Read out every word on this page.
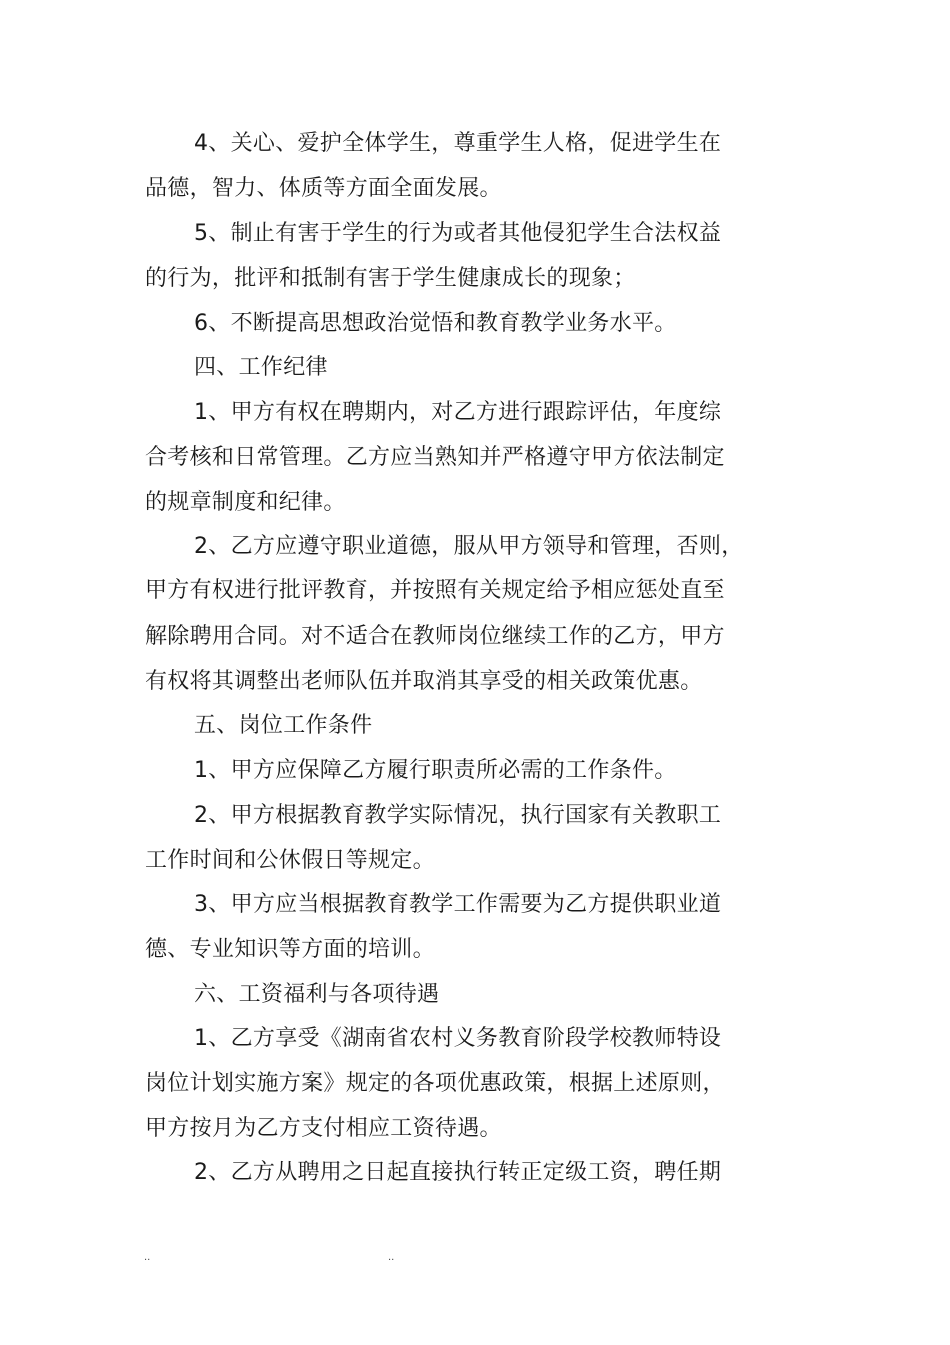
4、关心、爱护全体学生，尊重学生人格，促进学生在
品德，智力、体质等方面全面发展。
5、制止有害于学生的行为或者其他侵犯学生合法权益
的行为，批评和抵制有害于学生健康成长的现象；
6、不断提高思想政治觉悟和教育教学业务水平。
四、工作纪律
1、甲方有权在聘期内，对乙方进行跟踪评估，年度综
合考核和日常管理。乙方应当熟知并严格遵守甲方依法制定
的规章制度和纪律。
2、乙方应遵守职业道德，服从甲方领导和管理，否则，
甲方有权进行批评教育，并按照有关规定给予相应惩处直至
解除聘用合同。对不适合在教师岗位继续工作的乙方，甲方
有权将其调整出老师队伍并取消其享受的相关政策优惠。
五、岗位工作条件
1、甲方应保障乙方履行职责所必需的工作条件。
2、甲方根据教育教学实际情况，执行国家有关教职工
工作时间和公休假日等规定。
3、甲方应当根据教育教学工作需要为乙方提供职业道
德、专业知识等方面的培训。
六、工资福利与各项待遇
1、乙方享受《湖南省农村义务教育阶段学校教师特设
岗位计划实施方案》规定的各项优惠政策，根据上述原则，
甲方按月为乙方支付相应工资待遇。
2、乙方从聘用之日起直接执行转正定级工资，聘任期
..	..
